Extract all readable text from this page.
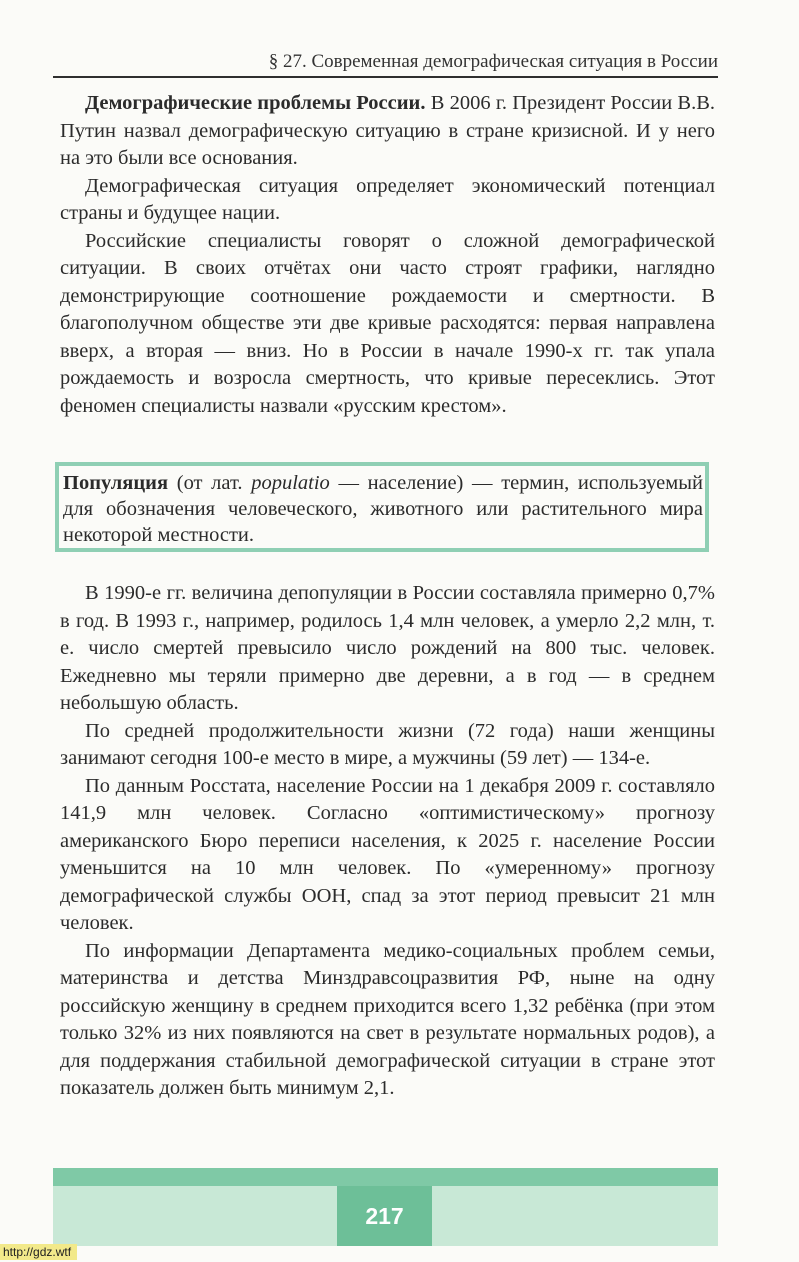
§ 27. Современная демографическая ситуация в России

Демографические проблемы России. В 2006 г. Президент России В.В. Путин назвал демографическую ситуацию в стране кризисной. И у него на это были все основания.

Демографическая ситуация определяет экономический потенциал страны и будущее нации.

Российские специалисты говорят о сложной демографической ситуации. В своих отчётах они часто строят графики, наглядно демонстрирующие соотношение рождаемости и смертности. В благополучном обществе эти две кривые расходятся: первая направлена вверх, а вторая — вниз. Но в России в начале 1990-х гг. так упала рождаемость и возросла смертность, что кривые пересеклись. Этот феномен специалисты назвали «русским крестом».

Популяция (от лат. populatio — население) — термин, используемый для обозначения человеческого, животного или растительного мира некоторой местности.

В 1990-е гг. величина депопуляции в России составляла примерно 0,7% в год. В 1993 г., например, родилось 1,4 млн человек, а умерло 2,2 млн, т. е. число смертей превысило число рождений на 800 тыс. человек. Ежедневно мы теряли примерно две деревни, а в год — в среднем небольшую область.

По средней продолжительности жизни (72 года) наши женщины занимают сегодня 100-е место в мире, а мужчины (59 лет) — 134-е.

По данным Росстата, население России на 1 декабря 2009 г. составляло 141,9 млн человек. Согласно «оптимистическому» прогнозу американского Бюро переписи населения, к 2025 г. население России уменьшится на 10 млн человек. По «умеренному» прогнозу демографической службы ООН, спад за этот период превысит 21 млн человек.

По информации Департамента медико-социальных проблем семьи, материнства и детства Минздравсоцразвития РФ, ныне на одну российскую женщину в среднем приходится всего 1,32 ребёнка (при этом только 32% из них появляются на свет в результате нормальных родов), а для поддержания стабильной демографической ситуации в стране этот показатель должен быть минимум 2,1.

217
http://gdz.wtf
